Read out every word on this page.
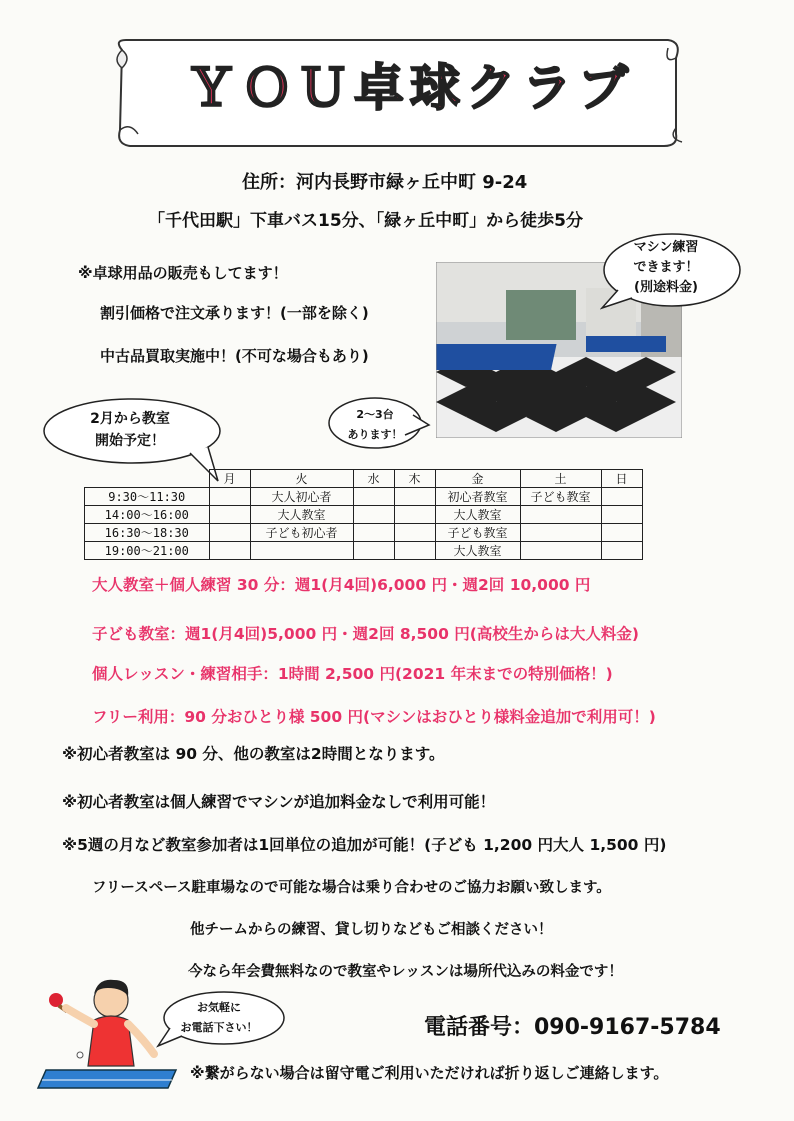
ＹＯＵ卓球クラブ
住所：河内長野市緑ヶ丘中町 9-24
「千代田駅」下車バス15分、「緑ヶ丘中町」から徒歩5分
※卓球用品の販売もしてます！
割引価格で注文承ります！(一部を除く)
中古品買取実施中！(不可な場合もあり)
マシン練習
できます！
(別途料金)
2～3台
あります！
2月から教室
開始予定！
	月	火	水	木	金	土	日
9:30～11:30		大人初心者			初心者教室	子ども教室	
14:00～16:00		大人教室			大人教室		
16:30～18:30		子ども初心者			子ども教室		
19:00～21:00					大人教室		
大人教室＋個人練習 30 分：週1(月4回)6,000 円・週2回 10,000 円
子ども教室：週1(月4回)5,000 円・週2回 8,500 円(高校生からは大人料金)
個人レッスン・練習相手：1時間 2,500 円(2021 年末までの特別価格！)
フリー利用：90 分おひとり様 500 円(マシンはおひとり様料金追加で利用可！)
※初心者教室は 90 分、他の教室は2時間となります。
※初心者教室は個人練習でマシンが追加料金なしで利用可能！
※5週の月など教室参加者は1回単位の追加が可能！(子ども 1,200 円大人 1,500 円)
フリースペース駐車場なので可能な場合は乗り合わせのご協力お願い致します。
他チームからの練習、貸し切りなどもご相談ください！
今なら年会費無料なので教室やレッスンは場所代込みの料金です！
お気軽に
お電話下さい！	電話番号：090-9167-5784
※繋がらない場合は留守電ご利用いただければ折り返しご連絡します。
